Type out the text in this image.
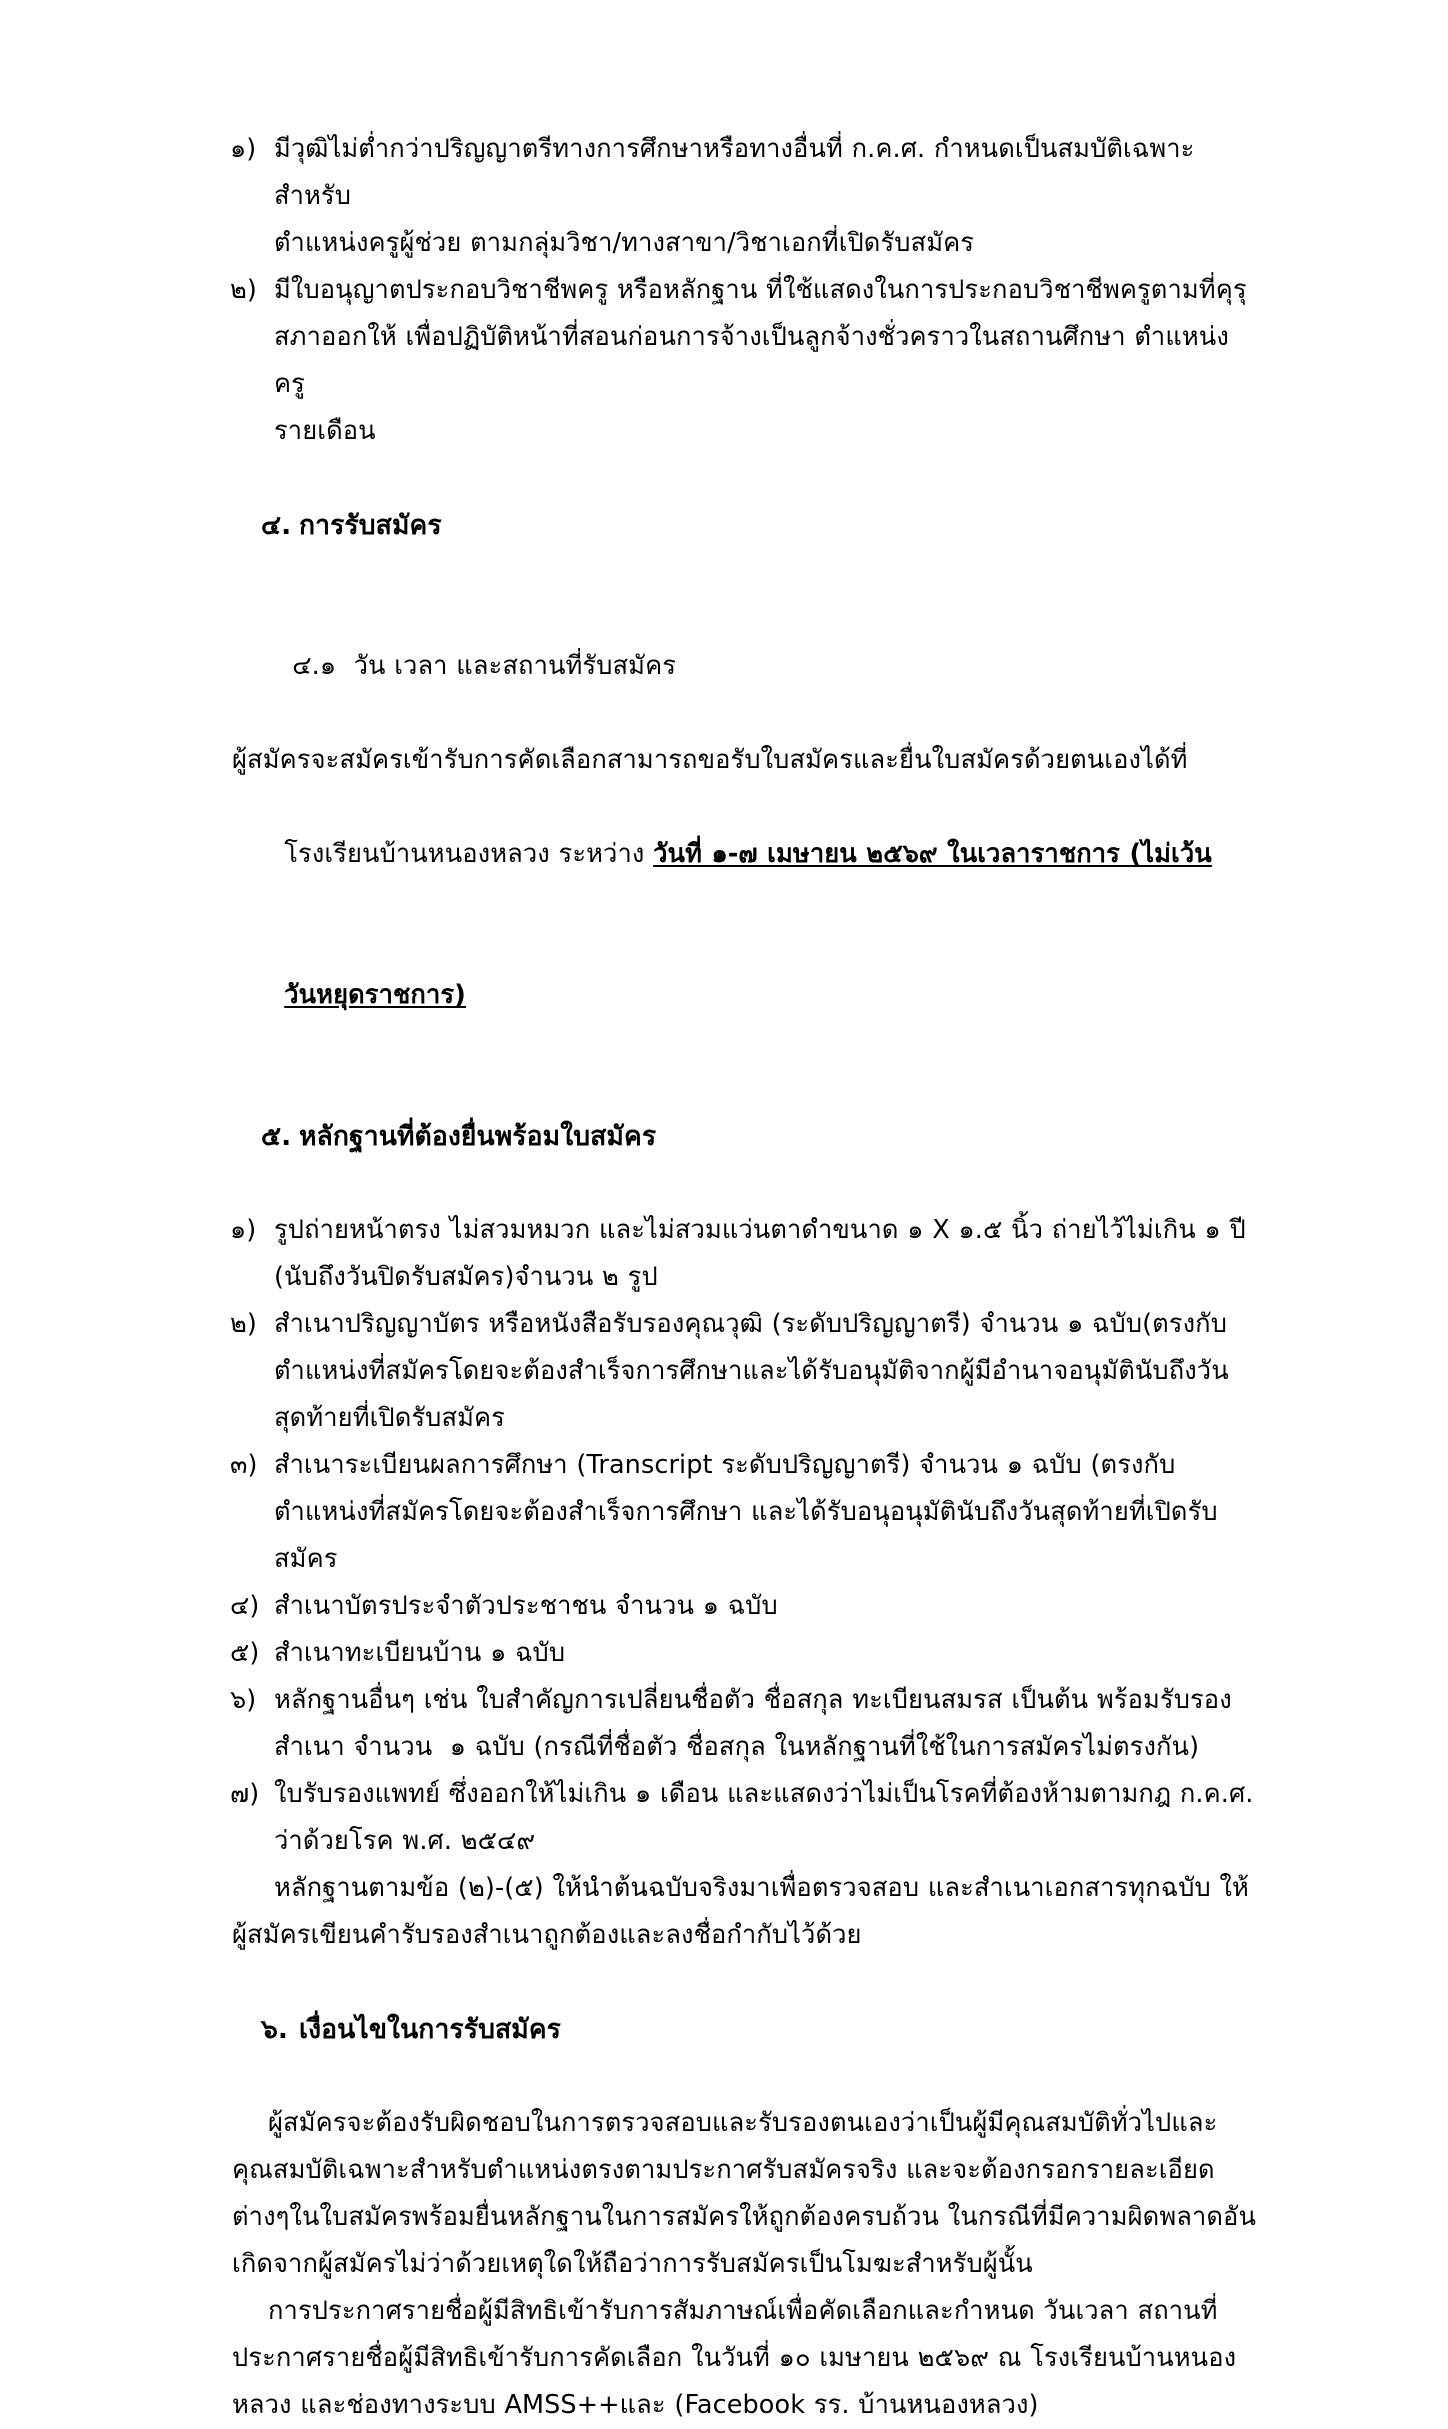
๑) มีวุฒิไม่ต่ำกว่าปริญญาตรีทางการศึกษาหรือทางอื่นที่ ก.ค.ศ. กำหนดเป็นสมบัติเฉพาะสำหรับ
ตำแหน่งครูผู้ช่วย ตามกลุ่มวิชา/ทางสาขา/วิชาเอกที่เปิดรับสมัคร
๒) มีใบอนุญาตประกอบวิชาชีพครู หรือหลักฐาน ที่ใช้แสดงในการประกอบวิชาชีพครูตามที่คุรุ
สภาออกให้ เพื่อปฏิบัติหน้าที่สอนก่อนการจ้างเป็นลูกจ้างชั่วคราวในสถานศึกษา ตำแหน่งครู
รายเดือน

๔. การรับสมัคร

๔.๑ วัน เวลา และสถานที่รับสมัคร

ผู้สมัครจะสมัครเข้ารับการคัดเลือกสามารถขอรับใบสมัครและยื่นใบสมัครด้วยตนเองได้ที่

โรงเรียนบ้านหนองหลวง ระหว่าง วันที่ ๑-๗ เมษายน ๒๕๖๙ ในเวลาราชการ (ไม่เว้น

วันหยุดราชการ)

๕. หลักฐานที่ต้องยื่นพร้อมใบสมัคร

๑) รูปถ่ายหน้าตรง ไม่สวมหมวก และไม่สวมแว่นตาดำขนาด ๑ X ๑.๕ นิ้ว ถ่ายไว้ไม่เกิน ๑ ปี
(นับถึงวันปิดรับสมัคร)จำนวน ๒ รูป
๒) สำเนาปริญญาบัตร หรือหนังสือรับรองคุณวุฒิ (ระดับปริญญาตรี) จำนวน ๑ ฉบับ(ตรงกับ
ตำแหน่งที่สมัครโดยจะต้องสำเร็จการศึกษาและได้รับอนุมัติจากผู้มีอำนาจอนุมัตินับถึงวัน
สุดท้ายที่เปิดรับสมัคร
๓) สำเนาระเบียนผลการศึกษา (Transcript ระดับปริญญาตรี) จำนวน ๑ ฉบับ (ตรงกับ
ตำแหน่งที่สมัครโดยจะต้องสำเร็จการศึกษา และได้รับอนุอนุมัตินับถึงวันสุดท้ายที่เปิดรับ
สมัคร
๔) สำเนาบัตรประจำตัวประชาชน จำนวน ๑ ฉบับ
๕) สำเนาทะเบียนบ้าน ๑ ฉบับ
๖) หลักฐานอื่นๆ เช่น ใบสำคัญการเปลี่ยนชื่อตัว ชื่อสกุล ทะเบียนสมรส เป็นต้น พร้อมรับรอง
สำเนา จำนวน  ๑ ฉบับ (กรณีที่ชื่อตัว ชื่อสกุล ในหลักฐานที่ใช้ในการสมัครไม่ตรงกัน)
๗) ใบรับรองแพทย์ ซึ่งออกให้ไม่เกิน ๑ เดือน และแสดงว่าไม่เป็นโรคที่ต้องห้ามตามกฎ ก.ค.ศ.
ว่าด้วยโรค พ.ศ. ๒๕๔๙
หลักฐานตามข้อ (๒)-(๕) ให้นำต้นฉบับจริงมาเพื่อตรวจสอบ และสำเนาเอกสารทุกฉบับ ให้
ผู้สมัครเขียนคำรับรองสำเนาถูกต้องและลงชื่อกำกับไว้ด้วย

๖. เงื่อนไขในการรับสมัคร

ผู้สมัครจะต้องรับผิดชอบในการตรวจสอบและรับรองตนเองว่าเป็นผู้มีคุณสมบัติทั่วไปและ
คุณสมบัติเฉพาะสำหรับตำแหน่งตรงตามประกาศรับสมัครจริง และจะต้องกรอกรายละเอียด
ต่างๆในใบสมัครพร้อมยื่นหลักฐานในการสมัครให้ถูกต้องครบถ้วน ในกรณีที่มีความผิดพลาดอัน
เกิดจากผู้สมัครไม่ว่าด้วยเหตุใดให้ถือว่าการรับสมัครเป็นโมฆะสำหรับผู้นั้น
การประกาศรายชื่อผู้มีสิทธิเข้ารับการสัมภาษณ์เพื่อคัดเลือกและกำหนด วันเวลา สถานที่
ประกาศรายชื่อผู้มีสิทธิเข้ารับการคัดเลือก ในวันที่ ๑๐ เมษายน ๒๕๖๙ ณ โรงเรียนบ้านหนอง
หลวง และช่องทางระบบ AMSS++และ (Facebook รร. บ้านหนองหลวง)
